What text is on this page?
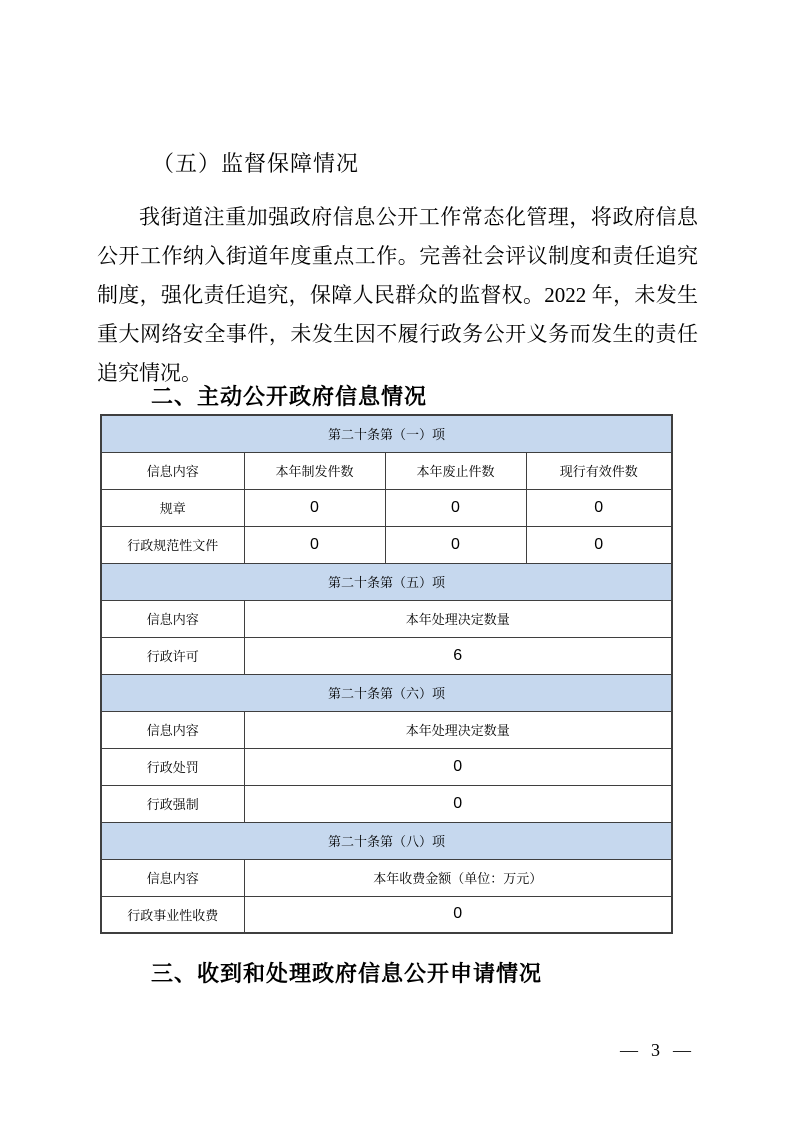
（五）监督保障情况
我街道注重加强政府信息公开工作常态化管理，将政府信息公开工作纳入街道年度重点工作。完善社会评议制度和责任追究制度，强化责任追究，保障人民群众的监督权。2022 年，未发生重大网络安全事件，未发生因不履行政务公开义务而发生的责任追究情况。
二、主动公开政府信息情况
第二十条第（一）项			
信息内容	本年制发件数	本年废止件数	现行有效件数
规章	0	0	0
行政规范性文件	0	0	0
第二十条第（五）项			
信息内容	本年处理决定数量		
行政许可	6		
第二十条第（六）项			
信息内容	本年处理决定数量		
行政处罚	0		
行政强制	0		
第二十条第（八）项			
信息内容	本年收费金额（单位：万元）		
行政事业性收费	0		
三、收到和处理政府信息公开申请情况
— 3 —
